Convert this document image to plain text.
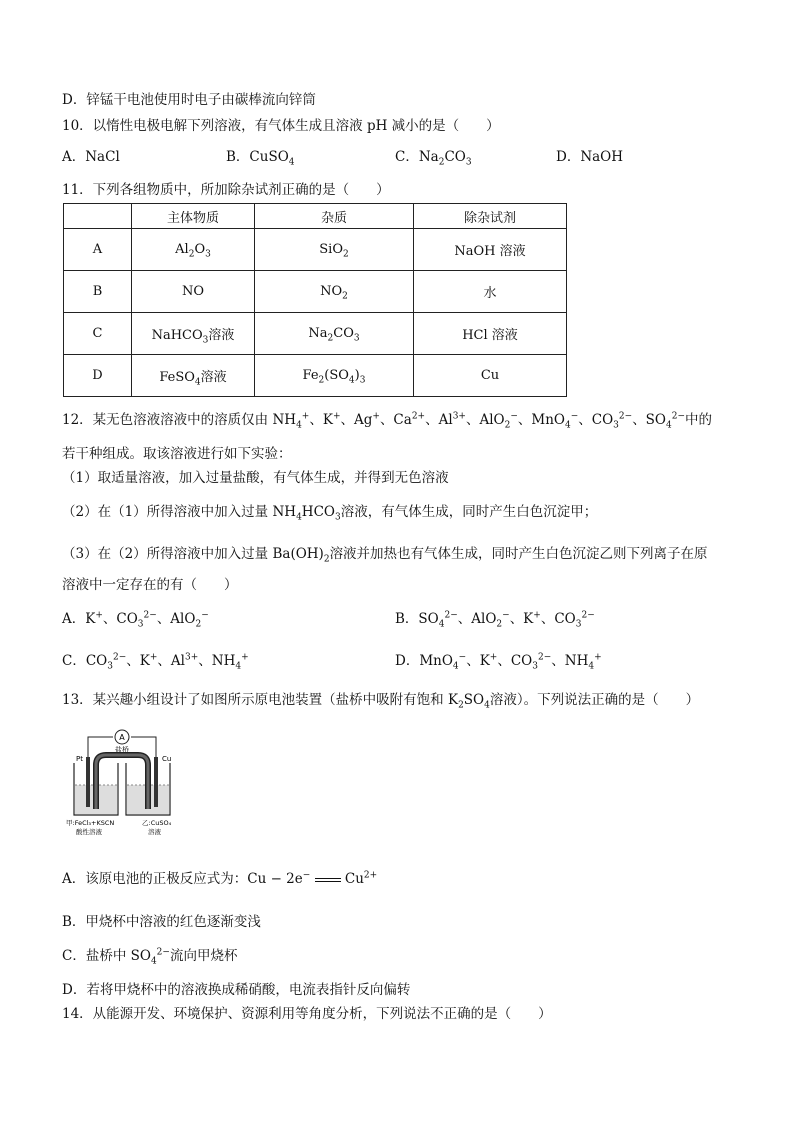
D．锌锰干电池使用时电子由碳棒流向锌筒
10．以惰性电极电解下列溶液，有气体生成且溶液 pH 减小的是（　　）
A．NaCl	B．CuSO$_4$	C．$Na_2CO_3$	D．NaOH
11．下列各组物质中，所加除杂试剂正确的是（　　）
	主体物质	杂质	除杂试剂
A	$Al_2O_3$	SiO$_2$	NaOH 溶液
B	NO	$NO_2$	水
C	NaHCO$_3$溶液	$Na_2CO_3$	HCl 溶液
D	FeSO$_4$溶液	$Fe_2(SO_4)_3$	Cu
12．某无色溶液溶液中的溶质仅由 $NH_4^+$、K+、Ag+、$Ca^{2+}$、$Al^{3+}$、AlO$_2$−、MnO$_4$−、$CO_3^{2-}$、$SO_4^{2-}$中的
若干种组成。取该溶液进行如下实验：
（1）取适量溶液，加入过量盐酸，有气体生成，并得到无色溶液
（2）在（1）所得溶液中加入过量 $NH_4HCO_3$溶液，有气体生成，同时产生白色沉淀甲；
（3）在（2）所得溶液中加入过量 $Ba(OH)_2$溶液并加热也有气体生成，同时产生白色沉淀乙则下列离子在原
溶液中一定存在的有（　　）
A．K+、$CO_3^{2-}$、AlO$_2$−	B．$SO_4^{2-}$、AlO$_2$−、K+、$CO_3^{2-}$
C．$CO_3^{2-}$、K+、$Al^{3+}$、$NH_4^+$	D．MnO$_4$−、K+、$CO_3^{2-}$、$NH_4^+$
13．某兴趣小组设计了如图所示原电池装置（盐桥中吸附有饱和 $K_2SO_4$溶液）。下列说法正确的是（　　）
A
盐桥
Pt	Cu
甲:FeCl₃+KSCN
酸性溶液
乙:CuSO₄
溶液
A．该原电池的正极反应式为：Cu − 2e−	$Cu^{2+}$
B．甲烧杯中溶液的红色逐渐变浅
C．盐桥中 $SO_4^{2-}$流向甲烧杯
D．若将甲烧杯中的溶液换成稀硝酸，电流表指针反向偏转
14．从能源开发、环境保护、资源利用等角度分析，下列说法不正确的是（　　）
